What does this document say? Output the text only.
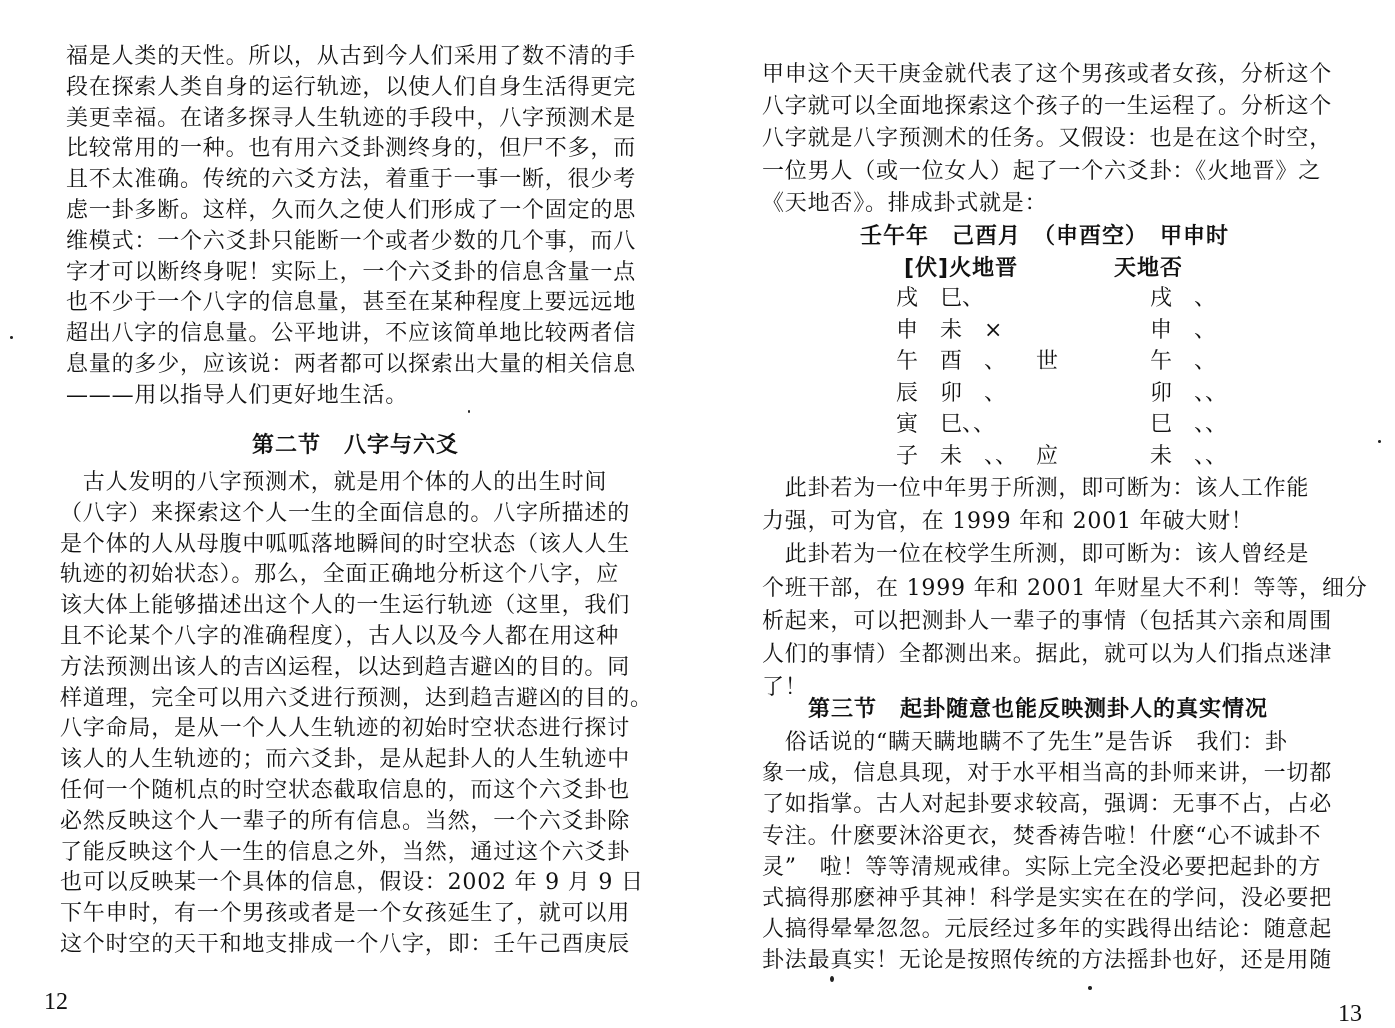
福是人类的天性。所以，从古到今人们采用了数不清的手
段在探索人类自身的运行轨迹，以使人们自身生活得更完
美更幸福。在诸多探寻人生轨迹的手段中，八字预测术是
比较常用的一种。也有用六爻卦测终身的，但尸不多，而
且不太准确。传统的六爻方法，着重于一事一断，很少考
虑一卦多断。这样，久而久之使人们形成了一个固定的思
维模式：一个六爻卦只能断一个或者少数的几个事，而八
字才可以断终身呢！实际上，一个六爻卦的信息含量一点
也不少于一个八字的信息量，甚至在某种程度上要远远地
超出八字的信息量。公平地讲，不应该简单地比较两者信
息量的多少，应该说：两者都可以探索出大量的相关信息
———用以指导人们更好地生活。
第二节　八字与六爻
　古人发明的八字预测术，就是用个体的人的出生时间
（八字）来探索这个人一生的全面信息的。八字所描述的
是个体的人从母腹中呱呱落地瞬间的时空状态（该人人生
轨迹的初始状态）。那么，全面正确地分析这个八字，应
该大体上能够描述出这个人的一生运行轨迹（这里，我们
且不论某个八字的准确程度），古人以及今人都在用这种
方法预测出该人的吉凶运程，以达到趋吉避凶的目的。同
样道理，完全可以用六爻进行预测，达到趋吉避凶的目的。
八字命局，是从一个人人生轨迹的初始时空状态进行探讨
该人的人生轨迹的；而六爻卦，是从起卦人的人生轨迹中
任何一个随机点的时空状态截取信息的，而这个六爻卦也
必然反映这个人一辈子的所有信息。当然，一个六爻卦除
了能反映这个人一生的信息之外，当然，通过这个六爻卦
也可以反映某一个具体的信息，假设：2002 年 9 月 9 日
下午申时，有一个男孩或者是一个女孩延生了，就可以用
这个时空的天干和地支排成一个八字，即：壬午己酉庚辰
12
甲申这个天干庚金就代表了这个男孩或者女孩，分析这个
八字就可以全面地探索这个孩子的一生运程了。分析这个
八字就是八字预测术的任务。又假设：也是在这个时空，
一位男人（或一位女人）起了一个六爻卦：《火地晋》之
《天地否》。排成卦式就是：
壬午年　己酉月　（申酉空）　甲申时
[伏]火地晋	天地否
戌　巳、	戌　、
申　未　×	申　、
午　酉　、 世	午　、
辰　卯　、	卯　、、
寅　巳、、	巳　、、
子　未　、、 应	未　、、
　此卦若为一位中年男于所测，即可断为：该人工作能
力强，可为官，在 1999 年和 2001 年破大财！
　此卦若为一位在校学生所测，即可断为：该人曾经是
个班干部，在 1999 年和 2001 年财星大不利！等等，细分
析起来，可以把测卦人一辈子的事情（包括其六亲和周围
人们的事情）全都测出来。据此，就可以为人们指点迷津
了！
第三节　起卦随意也能反映测卦人的真实情况
　俗话说的“瞒天瞒地瞒不了先生”是告诉　我们：卦
象一成，信息具现，对于水平相当高的卦师来讲，一切都
了如指掌。古人对起卦要求较高，强调：无事不占，占必
专注。什麽要沐浴更衣，焚香祷告啦！什麽“心不诚卦不
灵”　啦！等等清规戒律。实际上完全没必要把起卦的方
式搞得那麽神乎其神！科学是实实在在的学问，没必要把
人搞得晕晕忽忽。元辰经过多年的实践得出结论：随意起
卦法最真实！无论是按照传统的方法摇卦也好，还是用随
13
